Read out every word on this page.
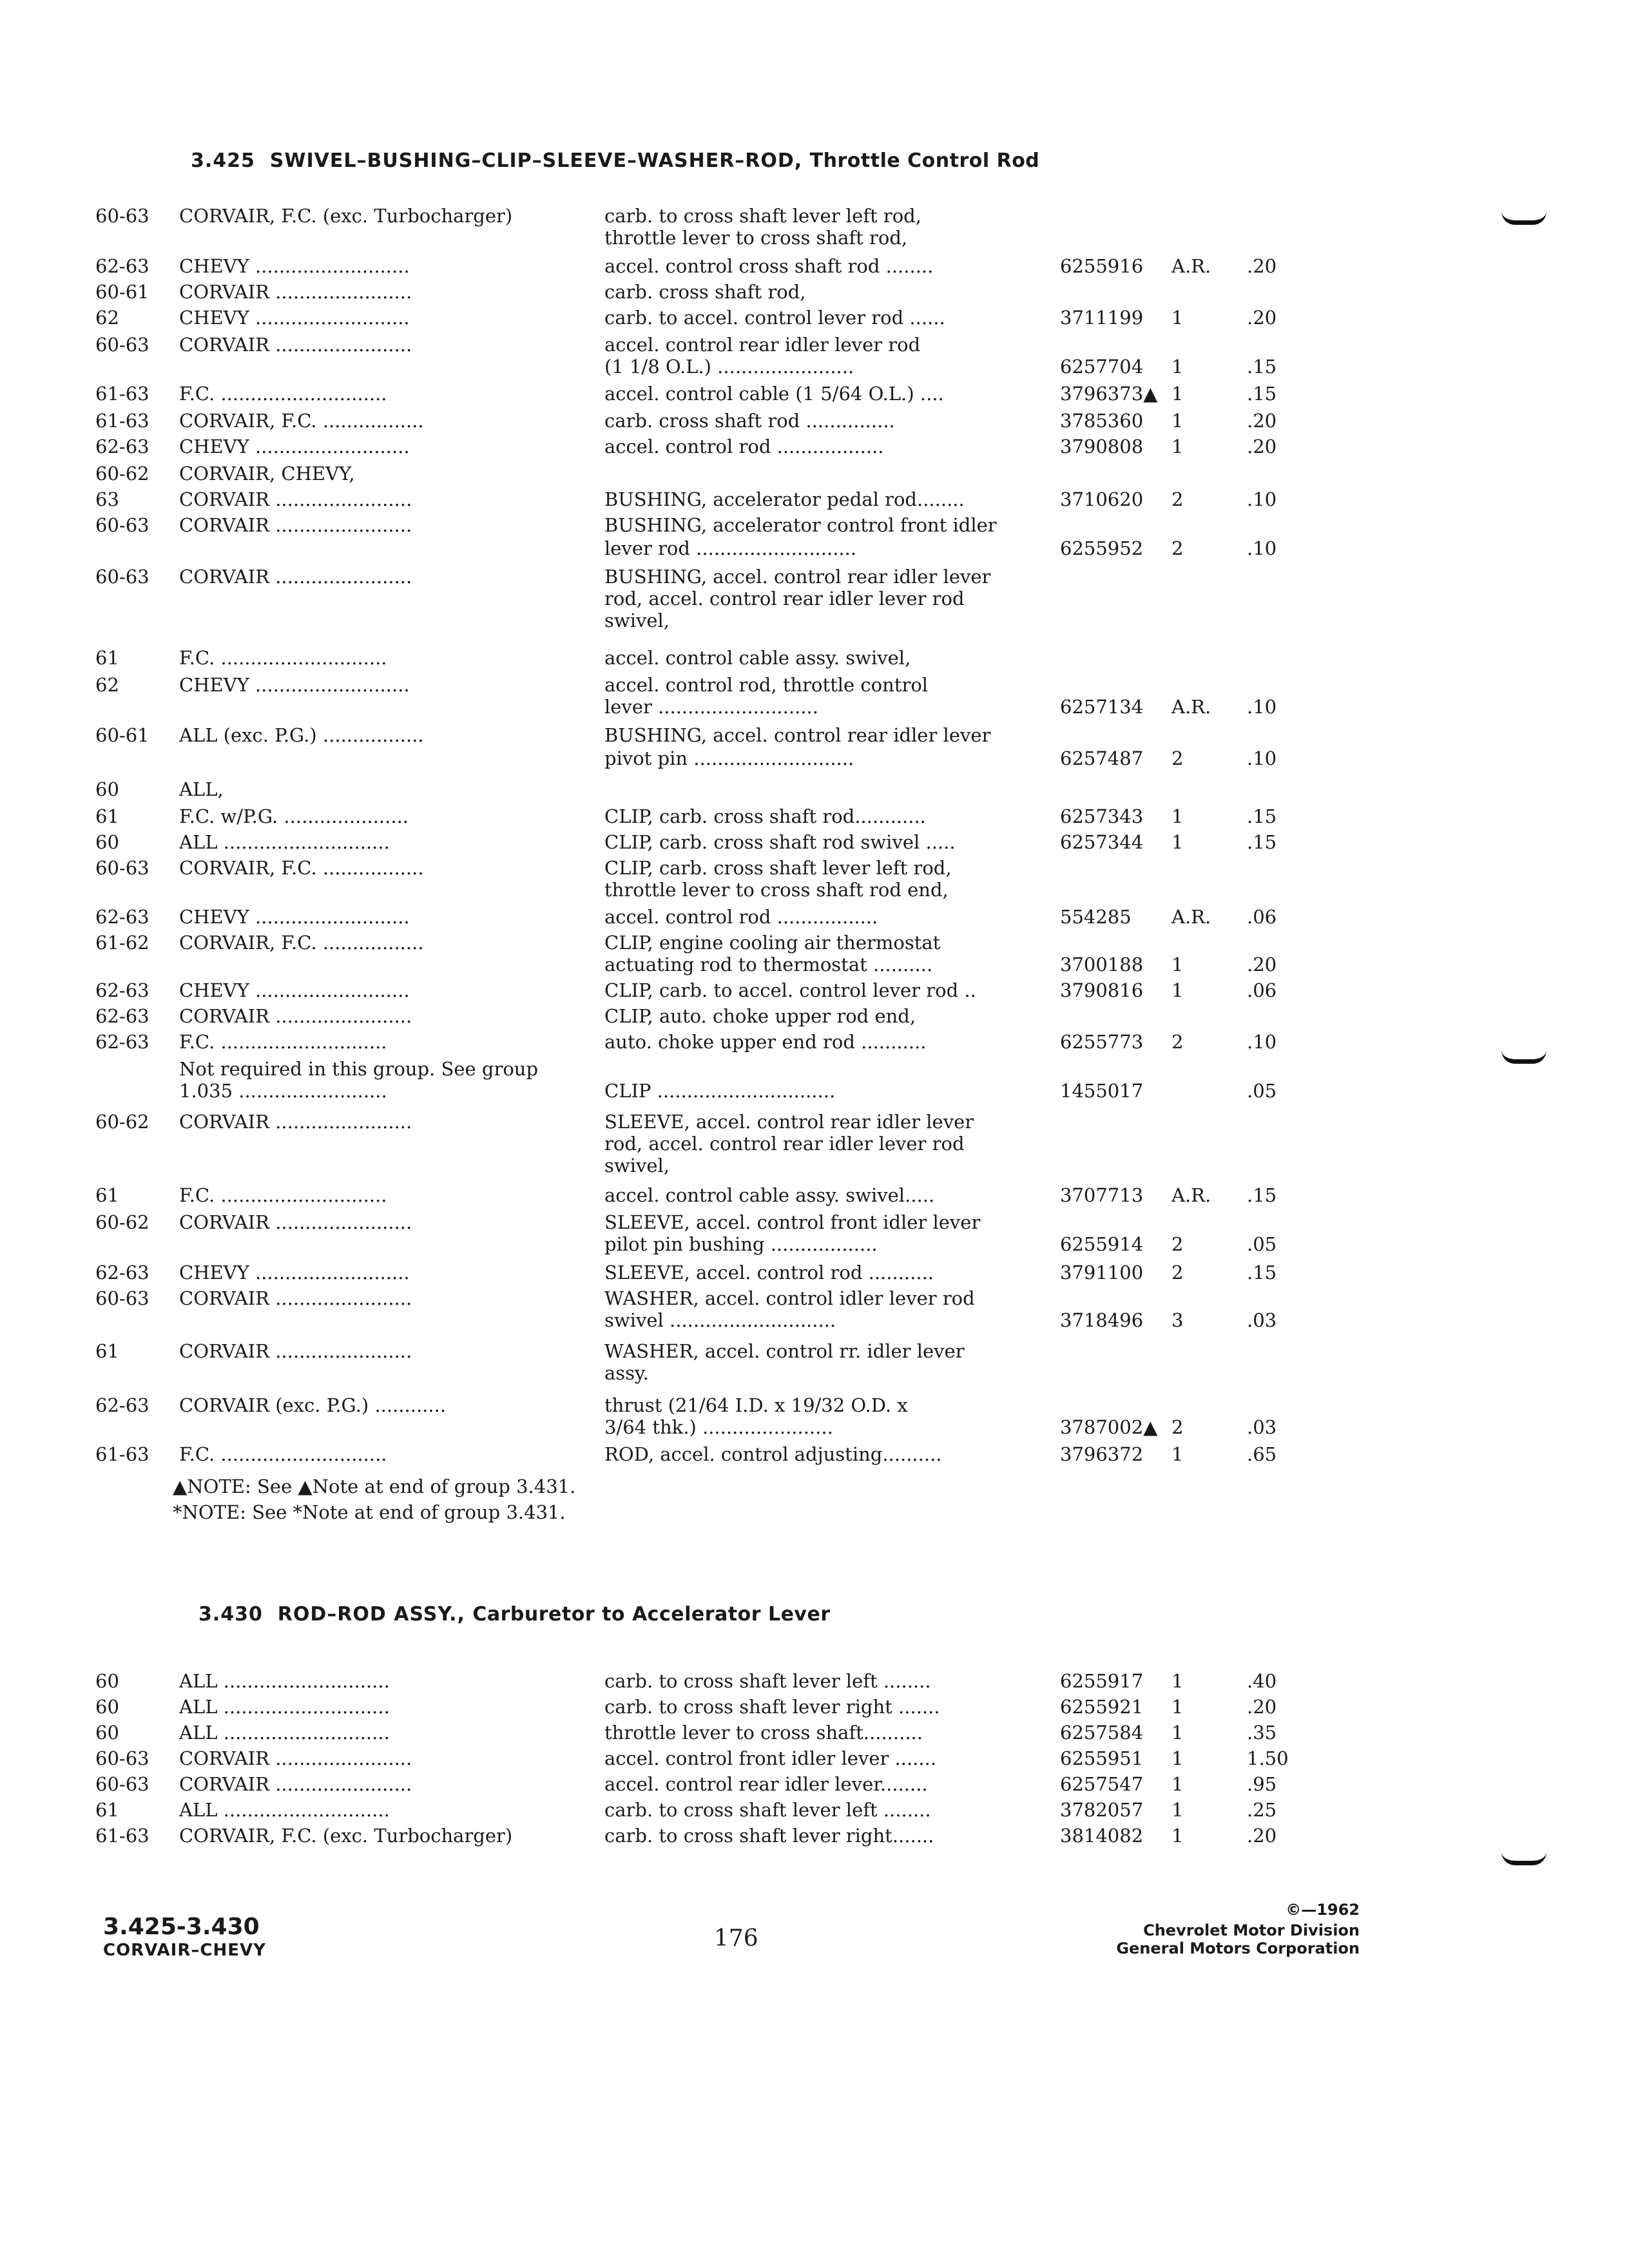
3.425 SWIVEL–BUSHING–CLIP–SLEEVE–WASHER–ROD, Throttle Control Rod
60-63 CORVAIR, F.C. (exc. Turbocharger)	carb. to cross shaft lever left rod,
throttle lever to cross shaft rod,
62-63 CHEVY ..........................	accel. control cross shaft rod ........	6255916 A.R. .20
60-61 CORVAIR .......................	carb. cross shaft rod,
62	CHEVY ..........................	carb. to accel. control lever rod ......	3711199 1	.20
60-63 CORVAIR .......................	accel. control rear idler lever rod
(1 1/8 O.L.) .......................	6257704 1	.15
61-63 F.C. ............................	accel. control cable (1 5/64 O.L.) ....	3796373▲ 1	.15
61-63 CORVAIR, F.C. .................	carb. cross shaft rod ...............	3785360 1	.20
62-63 CHEVY ..........................	accel. control rod ..................	3790808 1	.20
60-62 CORVAIR, CHEVY,
63	CORVAIR .......................	BUSHING, accelerator pedal rod........	3710620 2	.10
60-63 CORVAIR .......................	BUSHING, accelerator control front idler
lever rod ...........................	6255952 2	.10
60-63 CORVAIR .......................	BUSHING, accel. control rear idler lever
rod, accel. control rear idler lever rod
swivel,
61	F.C. ............................	accel. control cable assy. swivel,
62	CHEVY ..........................	accel. control rod, throttle control
lever ...........................	6257134 A.R. .10
60-61 ALL (exc. P.G.) .................	BUSHING, accel. control rear idler lever
pivot pin ...........................	6257487 2	.10
60	ALL,
61	F.C. w/P.G. .....................	CLIP, carb. cross shaft rod............	6257343 1	.15
60	ALL ............................	CLIP, carb. cross shaft rod swivel .....	6257344 1	.15
60-63 CORVAIR, F.C. .................	CLIP, carb. cross shaft lever left rod,
throttle lever to cross shaft rod end,
62-63 CHEVY ..........................	accel. control rod .................	554285 A.R. .06
61-62 CORVAIR, F.C. .................	CLIP, engine cooling air thermostat
actuating rod to thermostat ..........	3700188 1	.20
62-63 CHEVY ..........................	CLIP, carb. to accel. control lever rod ..	3790816 1	.06
62-63 CORVAIR .......................	CLIP, auto. choke upper rod end,
62-63 F.C. ............................	auto. choke upper end rod ...........	6255773 2	.10
Not required in this group. See group
1.035 .........................	CLIP ..............................	1455017	.05
60-62 CORVAIR .......................	SLEEVE, accel. control rear idler lever
rod, accel. control rear idler lever rod
swivel,
61	F.C. ............................	accel. control cable assy. swivel.....	3707713 A.R. .15
60-62 CORVAIR .......................	SLEEVE, accel. control front idler lever
pilot pin bushing ..................	6255914 2	.05
62-63 CHEVY ..........................	SLEEVE, accel. control rod ...........	3791100 2	.15
60-63 CORVAIR .......................	WASHER, accel. control idler lever rod
swivel ............................	3718496 3	.03
61	CORVAIR .......................	WASHER, accel. control rr. idler lever
assy.
62-63 CORVAIR (exc. P.G.) ............	thrust (21/64 I.D. x 19/32 O.D. x
3/64 thk.) ......................	3787002▲ 2	.03
61-63 F.C. ............................	ROD, accel. control adjusting..........	3796372 1	.65
▲NOTE: See ▲Note at end of group 3.431.
*NOTE: See *Note at end of group 3.431.
3.430 ROD–ROD ASSY., Carburetor to Accelerator Lever
60	ALL ............................	carb. to cross shaft lever left ........	6255917 1	.40
60	ALL ............................	carb. to cross shaft lever right .......	6255921 1	.20
60	ALL ............................	throttle lever to cross shaft..........	6257584 1	.35
60-63 CORVAIR .......................	accel. control front idler lever .......	6255951 1	1.50
60-63 CORVAIR .......................	accel. control rear idler lever........	6257547 1	.95
61	ALL ............................	carb. to cross shaft lever left ........	3782057 1	.25
61-63 CORVAIR, F.C. (exc. Turbocharger)	carb. to cross shaft lever right.......	3814082 1	.20
3.425-3.430
CORVAIR–CHEVY	176
©—1962
Chevrolet Motor Division
General Motors Corporation
